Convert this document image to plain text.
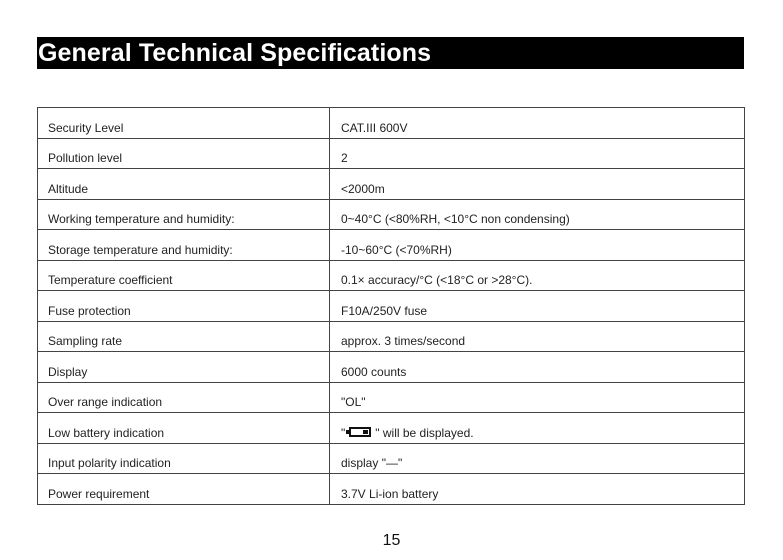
General Technical Specifications
Security Level	CAT.III 600V
Pollution level	2
Altitude	<2000m
Working temperature and humidity:	0~40°C (<80%RH, <10°C non condensing)
Storage temperature and humidity:	-10~60°C (<70%RH)
Temperature coefficient	0.1× accuracy/°C (<18°C or >28°C).
Fuse protection	F10A/250V fuse
Sampling rate	approx. 3 times/second
Display	6000 counts
Over range indication	"OL"
Low battery indication	" " will be displayed.
Input polarity indication	display "—"
Power requirement	3.7V Li-ion battery
15
